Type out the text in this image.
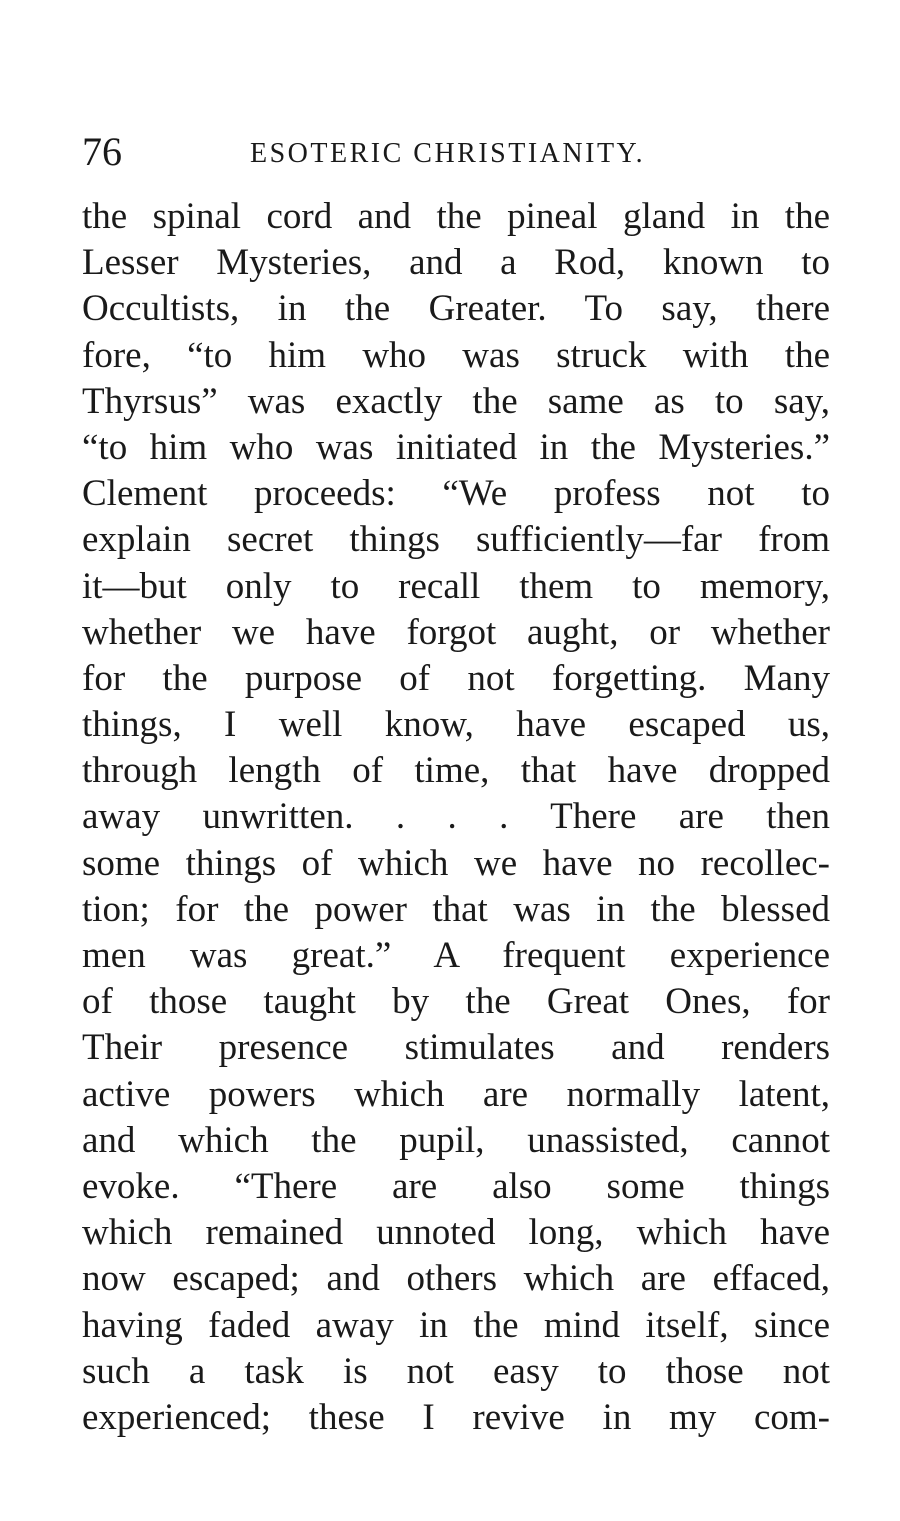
76	ESOTERIC CHRISTIANITY.
the spinal cord and the pineal gland in the
Lesser Mysteries, and a Rod, known to
Occultists, in the Greater. To say, there
fore, “to him who was struck with the
Thyrsus” was exactly the same as to say,
“to him who was initiated in the Mysteries.”
Clement proceeds: “We profess not to
explain secret things sufficiently—far from
it—but only to recall them to memory,
whether we have forgot aught, or whether
for the purpose of not forgetting. Many
things, I well know, have escaped us,
through length of time, that have dropped
away unwritten. . . . There are then
some things of which we have no recollec-
tion; for the power that was in the blessed
men was great.” A frequent experience
of those taught by the Great Ones, for
Their presence stimulates and renders
active powers which are normally latent,
and which the pupil, unassisted, cannot
evoke. “There are also some things
which remained unnoted long, which have
now escaped; and others which are effaced,
having faded away in the mind itself, since
such a task is not easy to those not
experienced; these I revive in my com-
